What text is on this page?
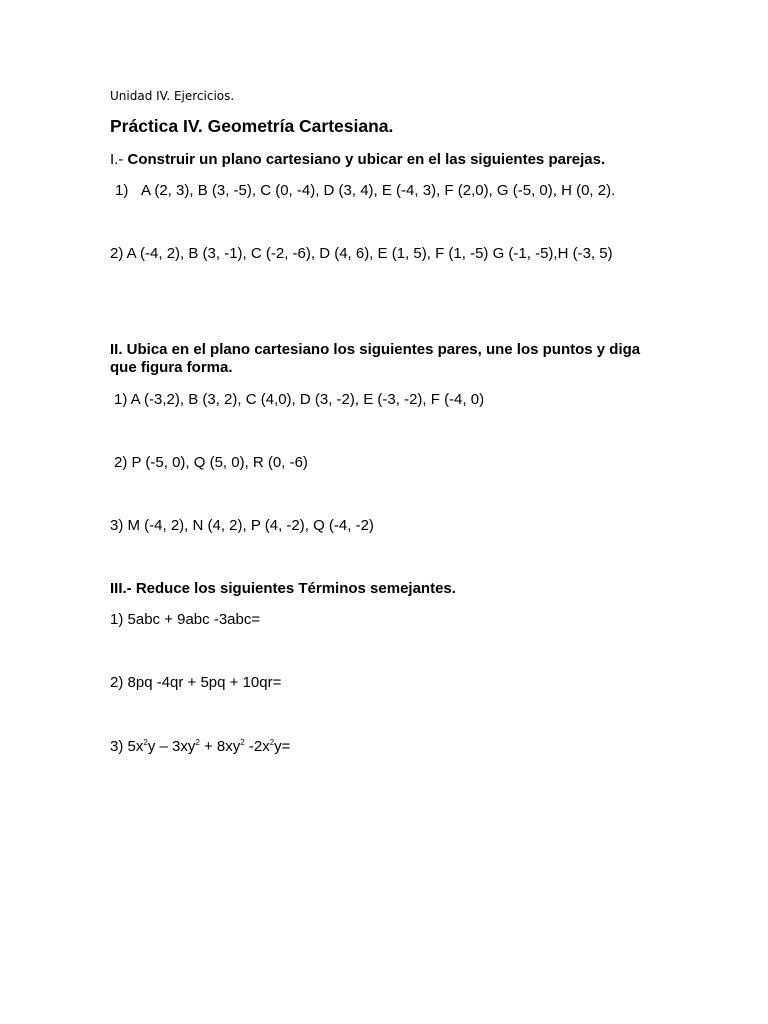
Unidad IV. Ejercicios.
Práctica IV. Geometría Cartesiana.
I.- Construir un plano cartesiano y ubicar en el las siguientes parejas.
1) A (2, 3), B (3, -5), C (0, -4), D (3, 4), E (-4, 3), F (2,0), G (-5, 0), H (0, 2).
2) A (-4, 2), B (3, -1), C (-2, -6), D (4, 6), E (1, 5), F (1, -5) G (-1, -5),H (-3, 5)
II. Ubica en el plano cartesiano los siguientes pares, une los puntos y diga que figura forma.
1) A (-3,2), B (3, 2), C (4,0), D (3, -2), E (-3, -2), F (-4, 0)
2) P (-5, 0), Q (5, 0), R (0, -6)
3) M (-4, 2), N (4, 2), P (4, -2), Q (-4, -2)
III.- Reduce los siguientes Términos semejantes.
1) 5abc + 9abc -3abc=
2) 8pq -4qr + 5pq + 10qr=
3) $5x^2y - 3xy^2 + 8xy^2$ $-2x^2y=$
